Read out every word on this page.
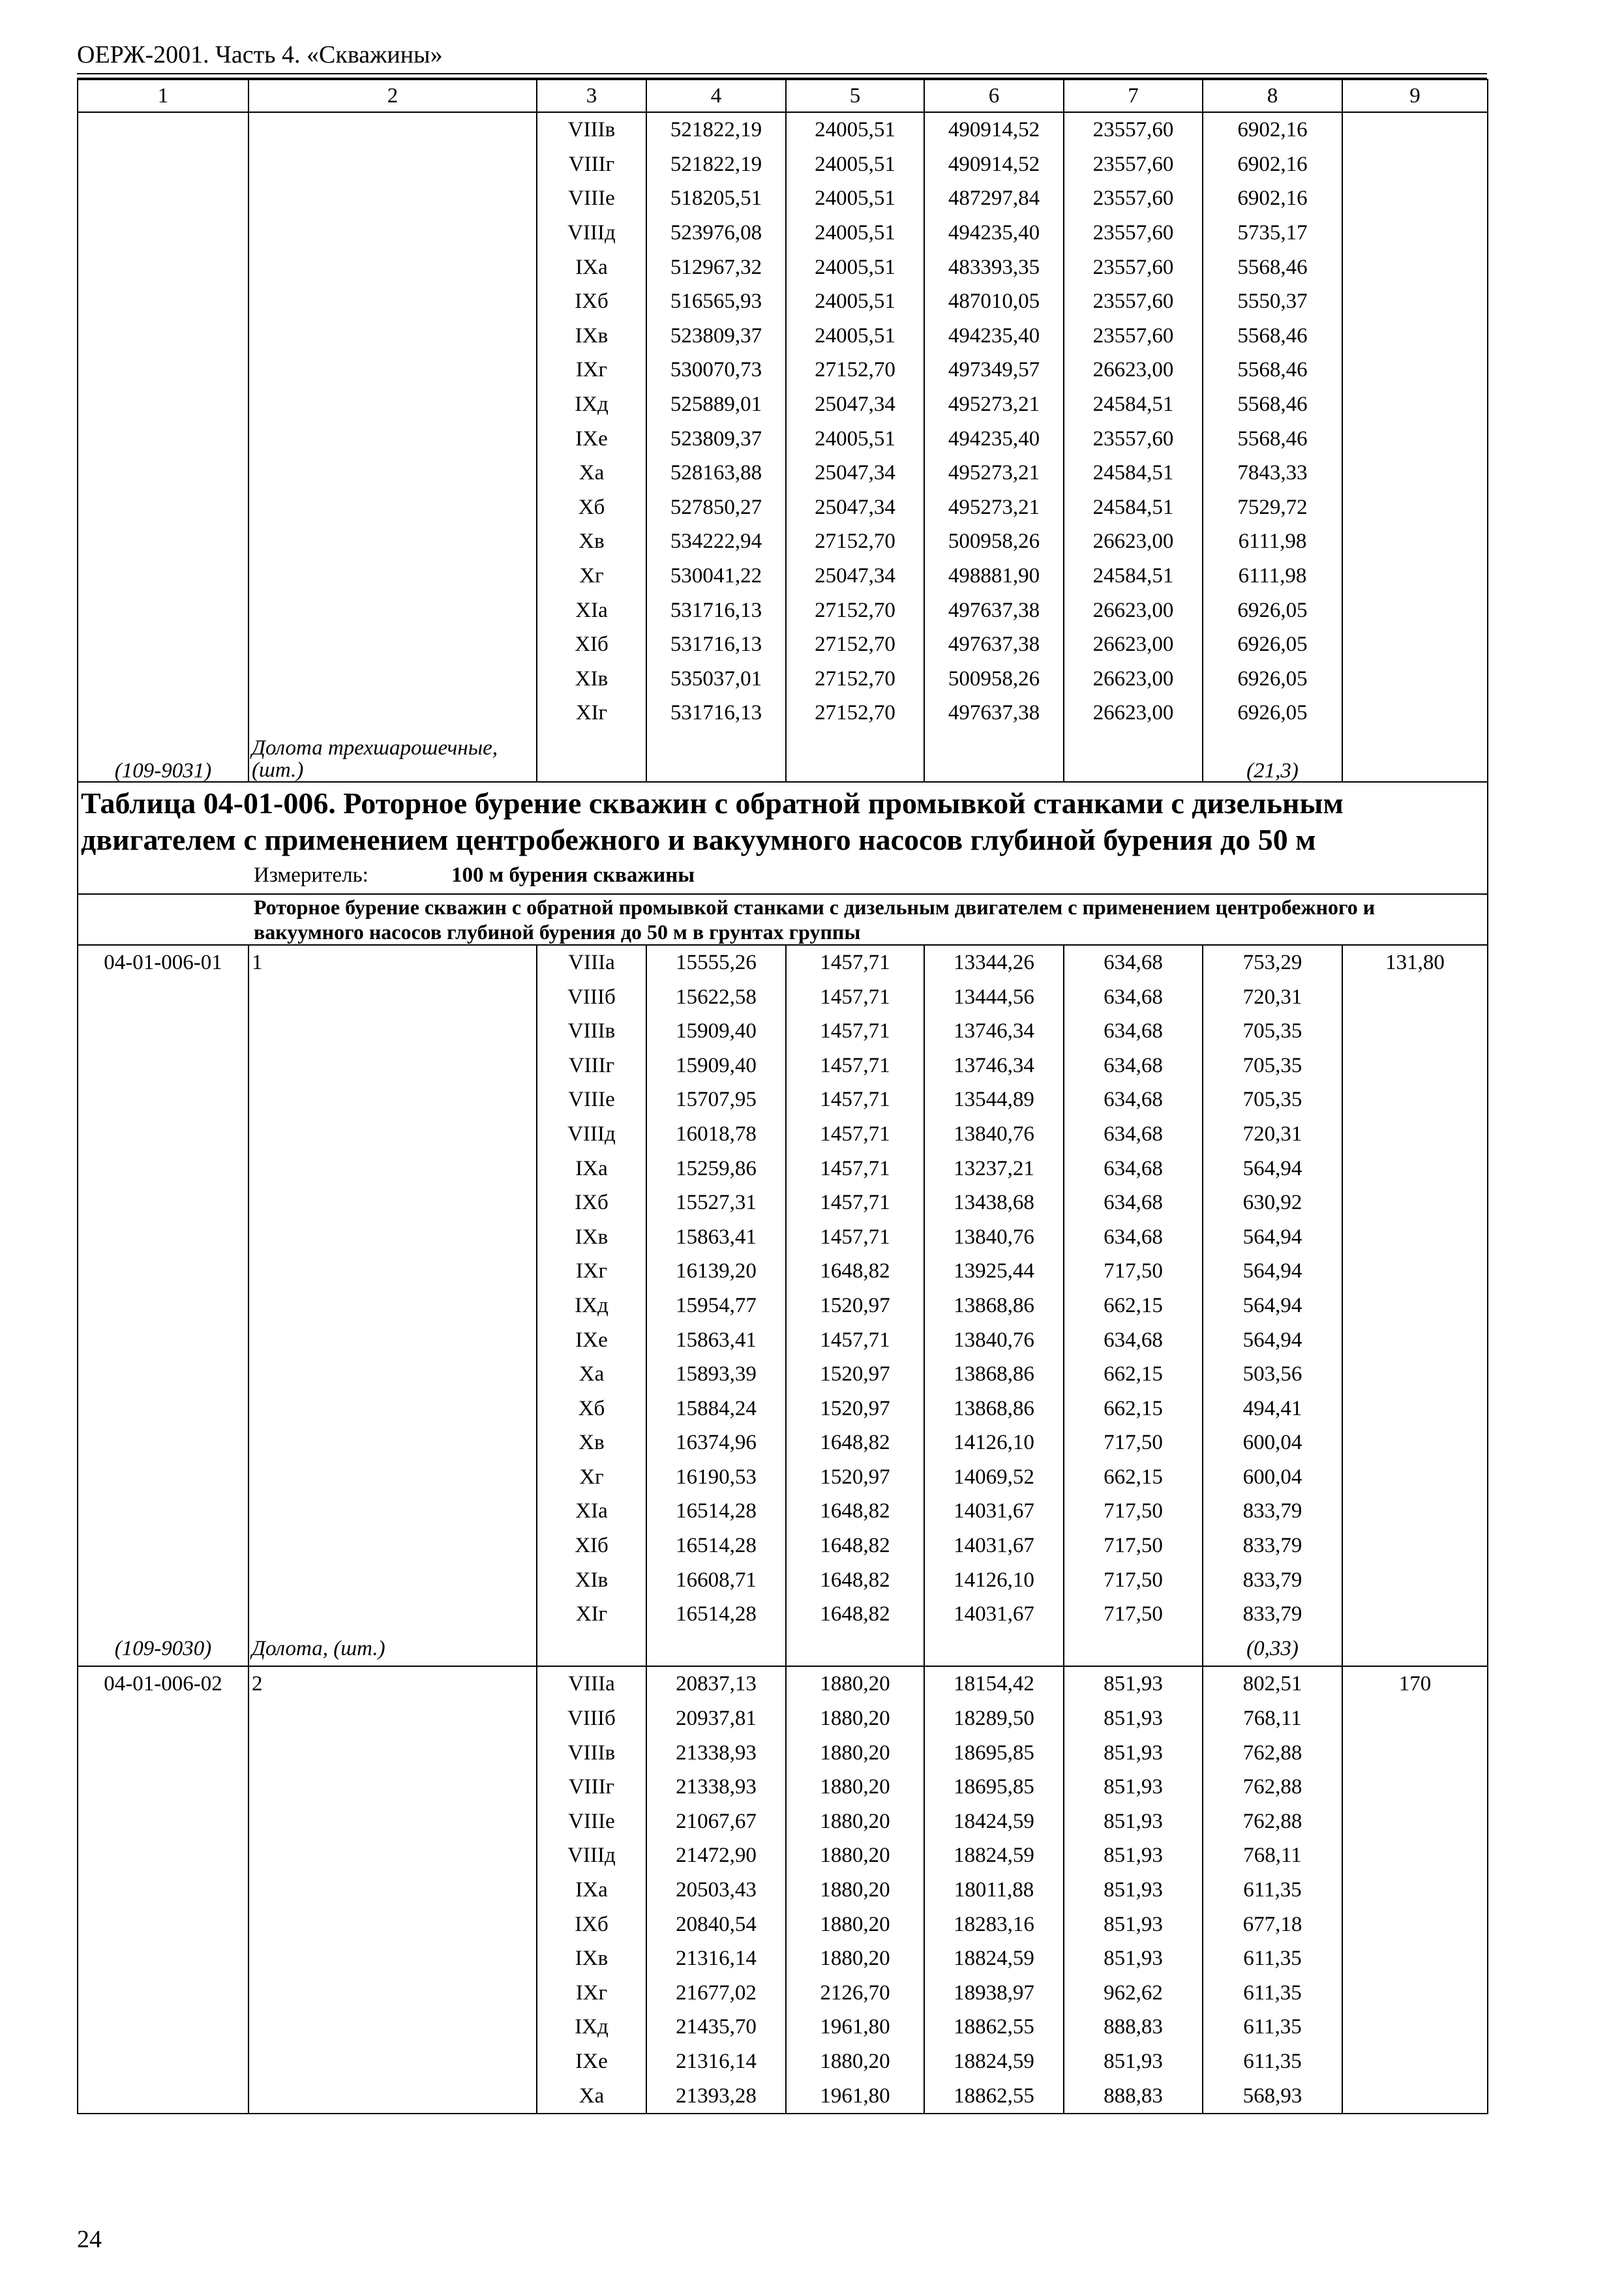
ОЕРЖ-2001. Часть 4. «Скважины»
1	2	3	4	5	6	7	8	9
		VIIIв	521822,19	24005,51	490914,52	23557,60	6902,16	
		VIIIг	521822,19	24005,51	490914,52	23557,60	6902,16	
		VIIIе	518205,51	24005,51	487297,84	23557,60	6902,16	
		VIIIд	523976,08	24005,51	494235,40	23557,60	5735,17	
		IXа	512967,32	24005,51	483393,35	23557,60	5568,46	
		IXб	516565,93	24005,51	487010,05	23557,60	5550,37	
		IXв	523809,37	24005,51	494235,40	23557,60	5568,46	
		IXг	530070,73	27152,70	497349,57	26623,00	5568,46	
		IXд	525889,01	25047,34	495273,21	24584,51	5568,46	
		IXе	523809,37	24005,51	494235,40	23557,60	5568,46	
		Xа	528163,88	25047,34	495273,21	24584,51	7843,33	
		Xб	527850,27	25047,34	495273,21	24584,51	7529,72	
		Xв	534222,94	27152,70	500958,26	26623,00	6111,98	
		Xг	530041,22	25047,34	498881,90	24584,51	6111,98	
		XIа	531716,13	27152,70	497637,38	26623,00	6926,05	
		XIб	531716,13	27152,70	497637,38	26623,00	6926,05	
		XIв	535037,01	27152,70	500958,26	26623,00	6926,05	
		XIг	531716,13	27152,70	497637,38	26623,00	6926,05	
(109-9031)	Долота трехшарошечные, (шт.)						(21,3)	

Таблица 04-01-006. Роторное бурение скважин с обратной промывкой станками с дизельным двигателем с применением центробежного и вакуумного насосов глубиной бурения до 50 м
Измеритель: 100 м бурения скважины								

Роторное бурение скважин с обратной промывкой станками с дизельным двигателем с применением центробежного и вакуумного насосов глубиной бурения до 50 м в грунтах группы								

04-01-006-01	1	VIIIа	15555,26	1457,71	13344,26	634,68	753,29	131,80
		VIIIб	15622,58	1457,71	13444,56	634,68	720,31	
		VIIIв	15909,40	1457,71	13746,34	634,68	705,35	
		VIIIг	15909,40	1457,71	13746,34	634,68	705,35	
		VIIIе	15707,95	1457,71	13544,89	634,68	705,35	
		VIIIд	16018,78	1457,71	13840,76	634,68	720,31	
		IXа	15259,86	1457,71	13237,21	634,68	564,94	
		IXб	15527,31	1457,71	13438,68	634,68	630,92	
		IXв	15863,41	1457,71	13840,76	634,68	564,94	
		IXг	16139,20	1648,82	13925,44	717,50	564,94	
		IXд	15954,77	1520,97	13868,86	662,15	564,94	
		IXе	15863,41	1457,71	13840,76	634,68	564,94	
		Xа	15893,39	1520,97	13868,86	662,15	503,56	
		Xб	15884,24	1520,97	13868,86	662,15	494,41	
		Xв	16374,96	1648,82	14126,10	717,50	600,04	
		Xг	16190,53	1520,97	14069,52	662,15	600,04	
		XIа	16514,28	1648,82	14031,67	717,50	833,79	
		XIб	16514,28	1648,82	14031,67	717,50	833,79	
		XIв	16608,71	1648,82	14126,10	717,50	833,79	
		XIг	16514,28	1648,82	14031,67	717,50	833,79	
(109-9030)	Долота, (шт.)						(0,33)	
04-01-006-02	2	VIIIа	20837,13	1880,20	18154,42	851,93	802,51	170
		VIIIб	20937,81	1880,20	18289,50	851,93	768,11	
		VIIIв	21338,93	1880,20	18695,85	851,93	762,88	
		VIIIг	21338,93	1880,20	18695,85	851,93	762,88	
		VIIIе	21067,67	1880,20	18424,59	851,93	762,88	
		VIIIд	21472,90	1880,20	18824,59	851,93	768,11	
		IXа	20503,43	1880,20	18011,88	851,93	611,35	
		IXб	20840,54	1880,20	18283,16	851,93	677,18	
		IXв	21316,14	1880,20	18824,59	851,93	611,35	
		IXг	21677,02	2126,70	18938,97	962,62	611,35	
		IXд	21435,70	1961,80	18862,55	888,83	611,35	
		IXе	21316,14	1880,20	18824,59	851,93	611,35	
		Xа	21393,28	1961,80	18862,55	888,83	568,93	
24
